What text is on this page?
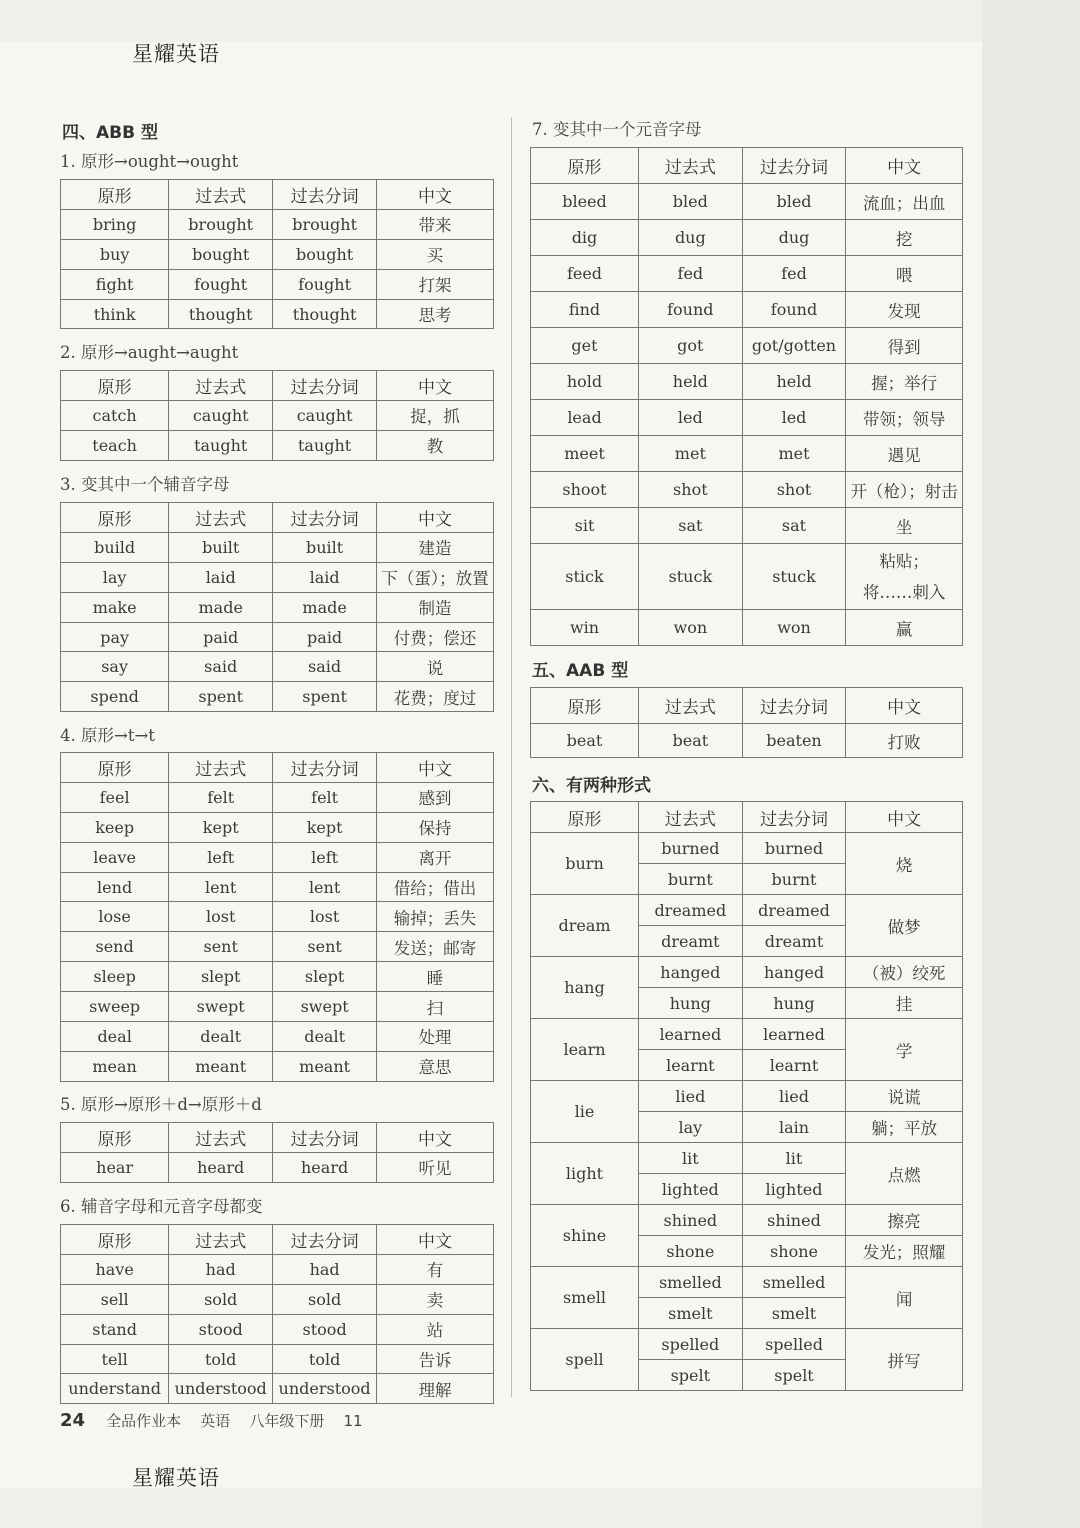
星耀英语
星耀英语
四、ABB 型
1. 原形→ought→ought
原形	过去式	过去分词	中文
bring	brought	brought	带来
buy	bought	bought	买
fight	fought	fought	打架
think	thought	thought	思考
2. 原形→aught→aught
原形	过去式	过去分词	中文
catch	caught	caught	捉，抓
teach	taught	taught	教
3. 变其中一个辅音字母
原形	过去式	过去分词	中文
build	built	built	建造
lay	laid	laid	下（蛋）；放置
make	made	made	制造
pay	paid	paid	付费；偿还
say	said	said	说
spend	spent	spent	花费；度过
4. 原形→t→t
原形	过去式	过去分词	中文
feel	felt	felt	感到
keep	kept	kept	保持
leave	left	left	离开
lend	lent	lent	借给；借出
lose	lost	lost	输掉；丢失
send	sent	sent	发送；邮寄
sleep	slept	slept	睡
sweep	swept	swept	扫
deal	dealt	dealt	处理
mean	meant	meant	意思
5. 原形→原形＋d→原形＋d
原形	过去式	过去分词	中文
hear	heard	heard	听见
6. 辅音字母和元音字母都变
原形	过去式	过去分词	中文
have	had	had	有
sell	sold	sold	卖
stand	stood	stood	站
tell	told	told	告诉
understand	understood	understood	理解
7. 变其中一个元音字母
原形	过去式	过去分词	中文
bleed	bled	bled	流血；出血
dig	dug	dug	挖
feed	fed	fed	喂
find	found	found	发现
get	got	got/gotten	得到
hold	held	held	握；举行
lead	led	led	带领；领导
meet	met	met	遇见
shoot	shot	shot	开（枪）；射击
sit	sat	sat	坐
stick	stuck	stuck	粘贴；将……刺入
win	won	won	赢
五、AAB 型
原形	过去式	过去分词	中文
beat	beat	beaten	打败
六、有两种形式
原形	过去式	过去分词	中文
burn	burned	burned	烧
	burnt	burnt	
dream	dreamed	dreamed	做梦
	dreamt	dreamt	
hang	hanged	hanged	（被）绞死
	hung	hung	挂
learn	learned	learned	学
	learnt	learnt	
lie	lied	lied	说谎
	lay	lain	躺；平放
light	lit	lit	点燃
	lighted	lighted	
shine	shined	shined	擦亮
	shone	shone	发光；照耀
smell	smelled	smelled	闻
	smelt	smelt	
spell	spelled	spelled	拼写
	spelt	spelt	
24 全品作业本 英语 八年级下册 11
